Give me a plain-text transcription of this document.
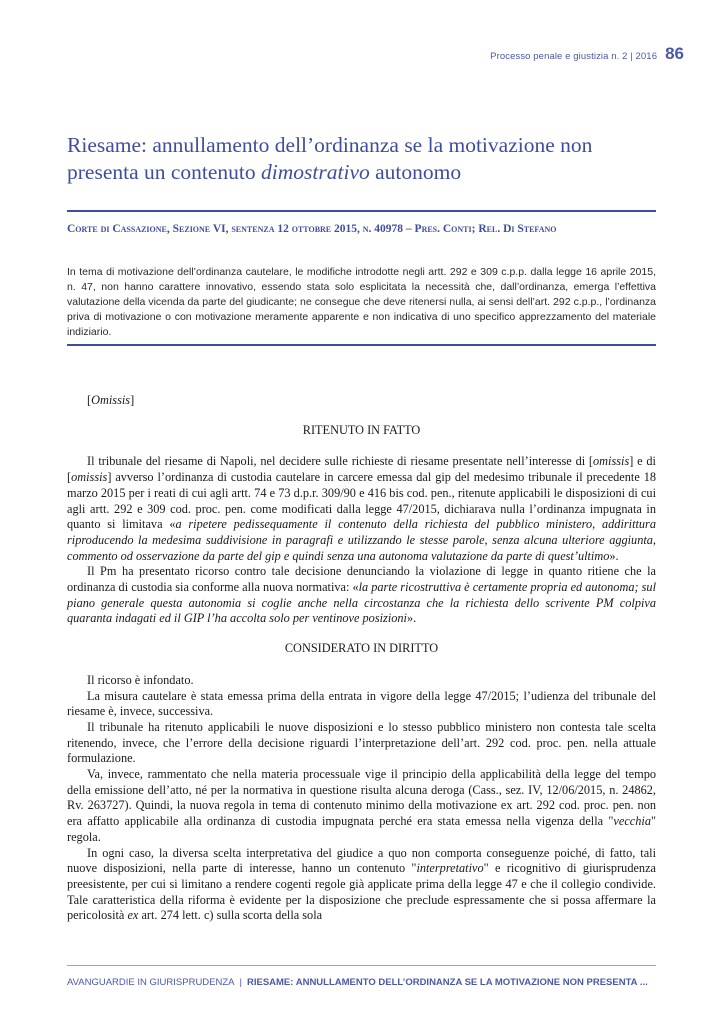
Processo penale e giustizia n. 2 | 2016 86
Riesame: annullamento dell’ordinanza se la motivazione non presenta un contenuto dimostrativo autonomo
Corte di Cassazione, Sezione VI, sentenza 12 ottobre 2015, n. 40978 – Pres. Conti; Rel. Di Stefano

In tema di motivazione dell’ordinanza cautelare, le modifiche introdotte negli artt. 292 e 309 c.p.p. dalla legge 16 aprile 2015, n. 47, non hanno carattere innovativo, essendo stata solo esplicitata la necessità che, dall’ordinanza, emerga l’effettiva valutazione della vicenda da parte del giudicante; ne consegue che deve ritenersi nulla, ai sensi dell’art. 292 c.p.p., l’ordinanza priva di motivazione o con motivazione meramente apparente e non indicativa di uno specifico apprezzamento del materiale indiziario.

[Omissis]

RITENUTO IN FATTO

Il tribunale del riesame di Napoli, nel decidere sulle richieste di riesame presentate nell’interesse di [omissis] e di [omissis] avverso l’ordinanza di custodia cautelare in carcere emessa dal gip del medesimo tribunale il precedente 18 marzo 2015 per i reati di cui agli artt. 74 e 73 d.p.r. 309/90 e 416 bis cod. pen., ritenute applicabili le disposizioni di cui agli artt. 292 e 309 cod. proc. pen. come modificati dalla legge 47/2015, dichiarava nulla l’ordinanza impugnata in quanto si limitava «a ripetere pedissequamente il contenuto della richiesta del pubblico ministero, addirittura riproducendo la medesima suddivisione in paragrafi e utilizzando le stesse parole, senza alcuna ulteriore aggiunta, commento od osservazione da parte del gip e quindi senza una autonoma valutazione da parte di quest’ultimo».

Il Pm ha presentato ricorso contro tale decisione denunciando la violazione di legge in quanto ritiene che la ordinanza di custodia sia conforme alla nuova normativa: «la parte ricostruttiva è certamente propria ed autonoma; sul piano generale questa autonomia si coglie anche nella circostanza che la richiesta dello scrivente PM colpiva quaranta indagati ed il GIP l’ha accolta solo per ventinove posizioni».

CONSIDERATO IN DIRITTO

Il ricorso è infondato.

La misura cautelare è stata emessa prima della entrata in vigore della legge 47/2015; l’udienza del tribunale del riesame è, invece, successiva.

Il tribunale ha ritenuto applicabili le nuove disposizioni e lo stesso pubblico ministero non contesta tale scelta ritenendo, invece, che l’errore della decisione riguardi l’interpretazione dell’art. 292 cod. proc. pen. nella attuale formulazione.

Va, invece, rammentato che nella materia processuale vige il principio della applicabilità della legge del tempo della emissione dell’atto, né per la normativa in questione risulta alcuna deroga (Cass., sez. IV, 12/06/2015, n. 24862, Rv. 263727). Quindi, la nuova regola in tema di contenuto minimo della motivazione ex art. 292 cod. proc. pen. non era affatto applicabile alla ordinanza di custodia impugnata perché era stata emessa nella vigenza della "vecchia" regola.

In ogni caso, la diversa scelta interpretativa del giudice a quo non comporta conseguenze poiché, di fatto, tali nuove disposizioni, nella parte di interesse, hanno un contenuto "interpretativo" e ricognitivo di giurisprudenza preesistente, per cui si limitano a rendere cogenti regole già applicate prima della legge 47 e che il collegio condivide. Tale caratteristica della riforma è evidente per la disposizione che preclude espressamente che si possa affermare la pericolosità ex art. 274 lett. c) sulla scorta della sola

AVANGUARDIE IN GIURISPRUDENZA | RIESAME: ANNULLAMENTO DELL’ORDINANZA SE LA MOTIVAZIONE NON PRESENTA ...
